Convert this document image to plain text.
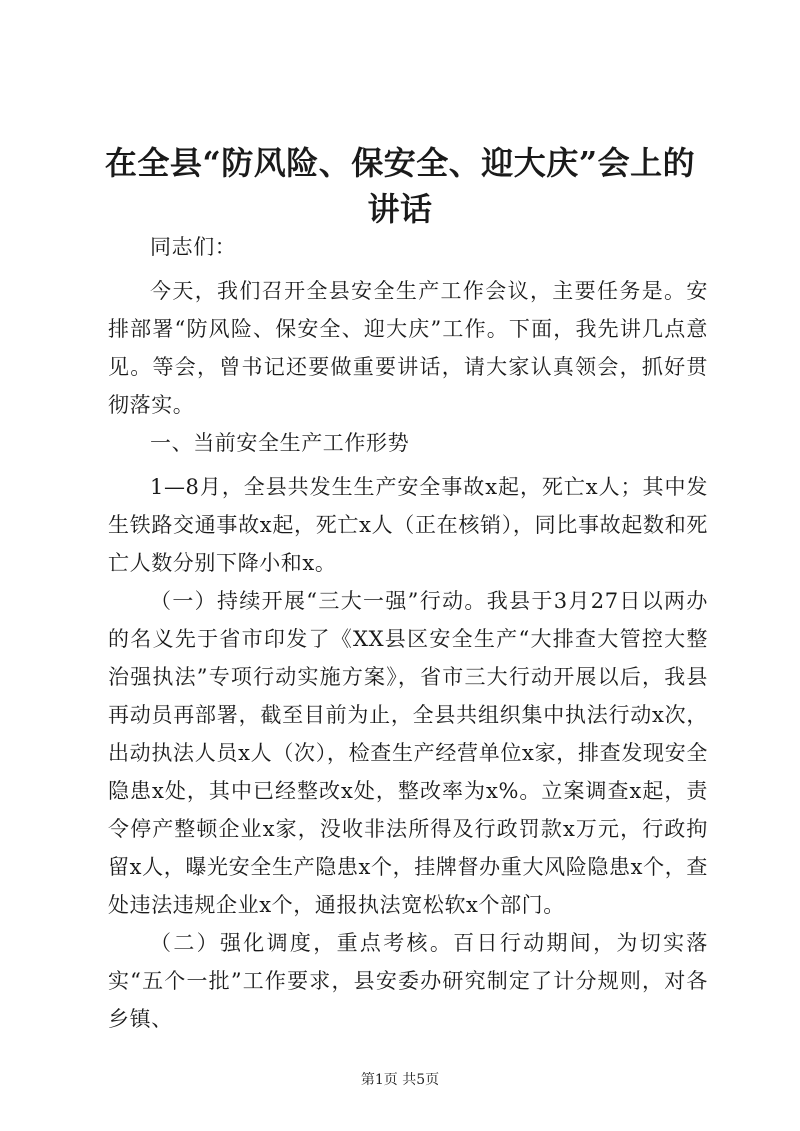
在全县“防风险、保安全、迎大庆”会上的讲话

同志们：

今天，我们召开全县安全生产工作会议，主要任务是。安排部署“防风险、保安全、迎大庆”工作。下面，我先讲几点意见。等会，曾书记还要做重要讲话，请大家认真领会，抓好贯彻落实。

一、当前安全生产工作形势

1—8月，全县共发生生产安全事故x起，死亡x人；其中发生铁路交通事故x起，死亡x人（正在核销），同比事故起数和死亡人数分别下降小和x。

（一）持续开展“三大一强”行动。我县于3月27日以两办的名义先于省市印发了《XX县区安全生产“大排查大管控大整治强执法”专项行动实施方案》，省市三大行动开展以后，我县再动员再部署，截至目前为止，全县共组织集中执法行动x次，出动执法人员x人（次），检查生产经营单位x家，排查发现安全隐患x处，其中已经整改x处，整改率为x%。立案调查x起，责令停产整顿企业x家，没收非法所得及行政罚款x万元，行政拘留x人，曝光安全生产隐患x个，挂牌督办重大风险隐患x个，查处违法违规企业x个，通报执法宽松软x个部门。

（二）强化调度，重点考核。百日行动期间，为切实落实“五个一批”工作要求，县安委办研究制定了计分规则，对各乡镇、

第1页 共5页
